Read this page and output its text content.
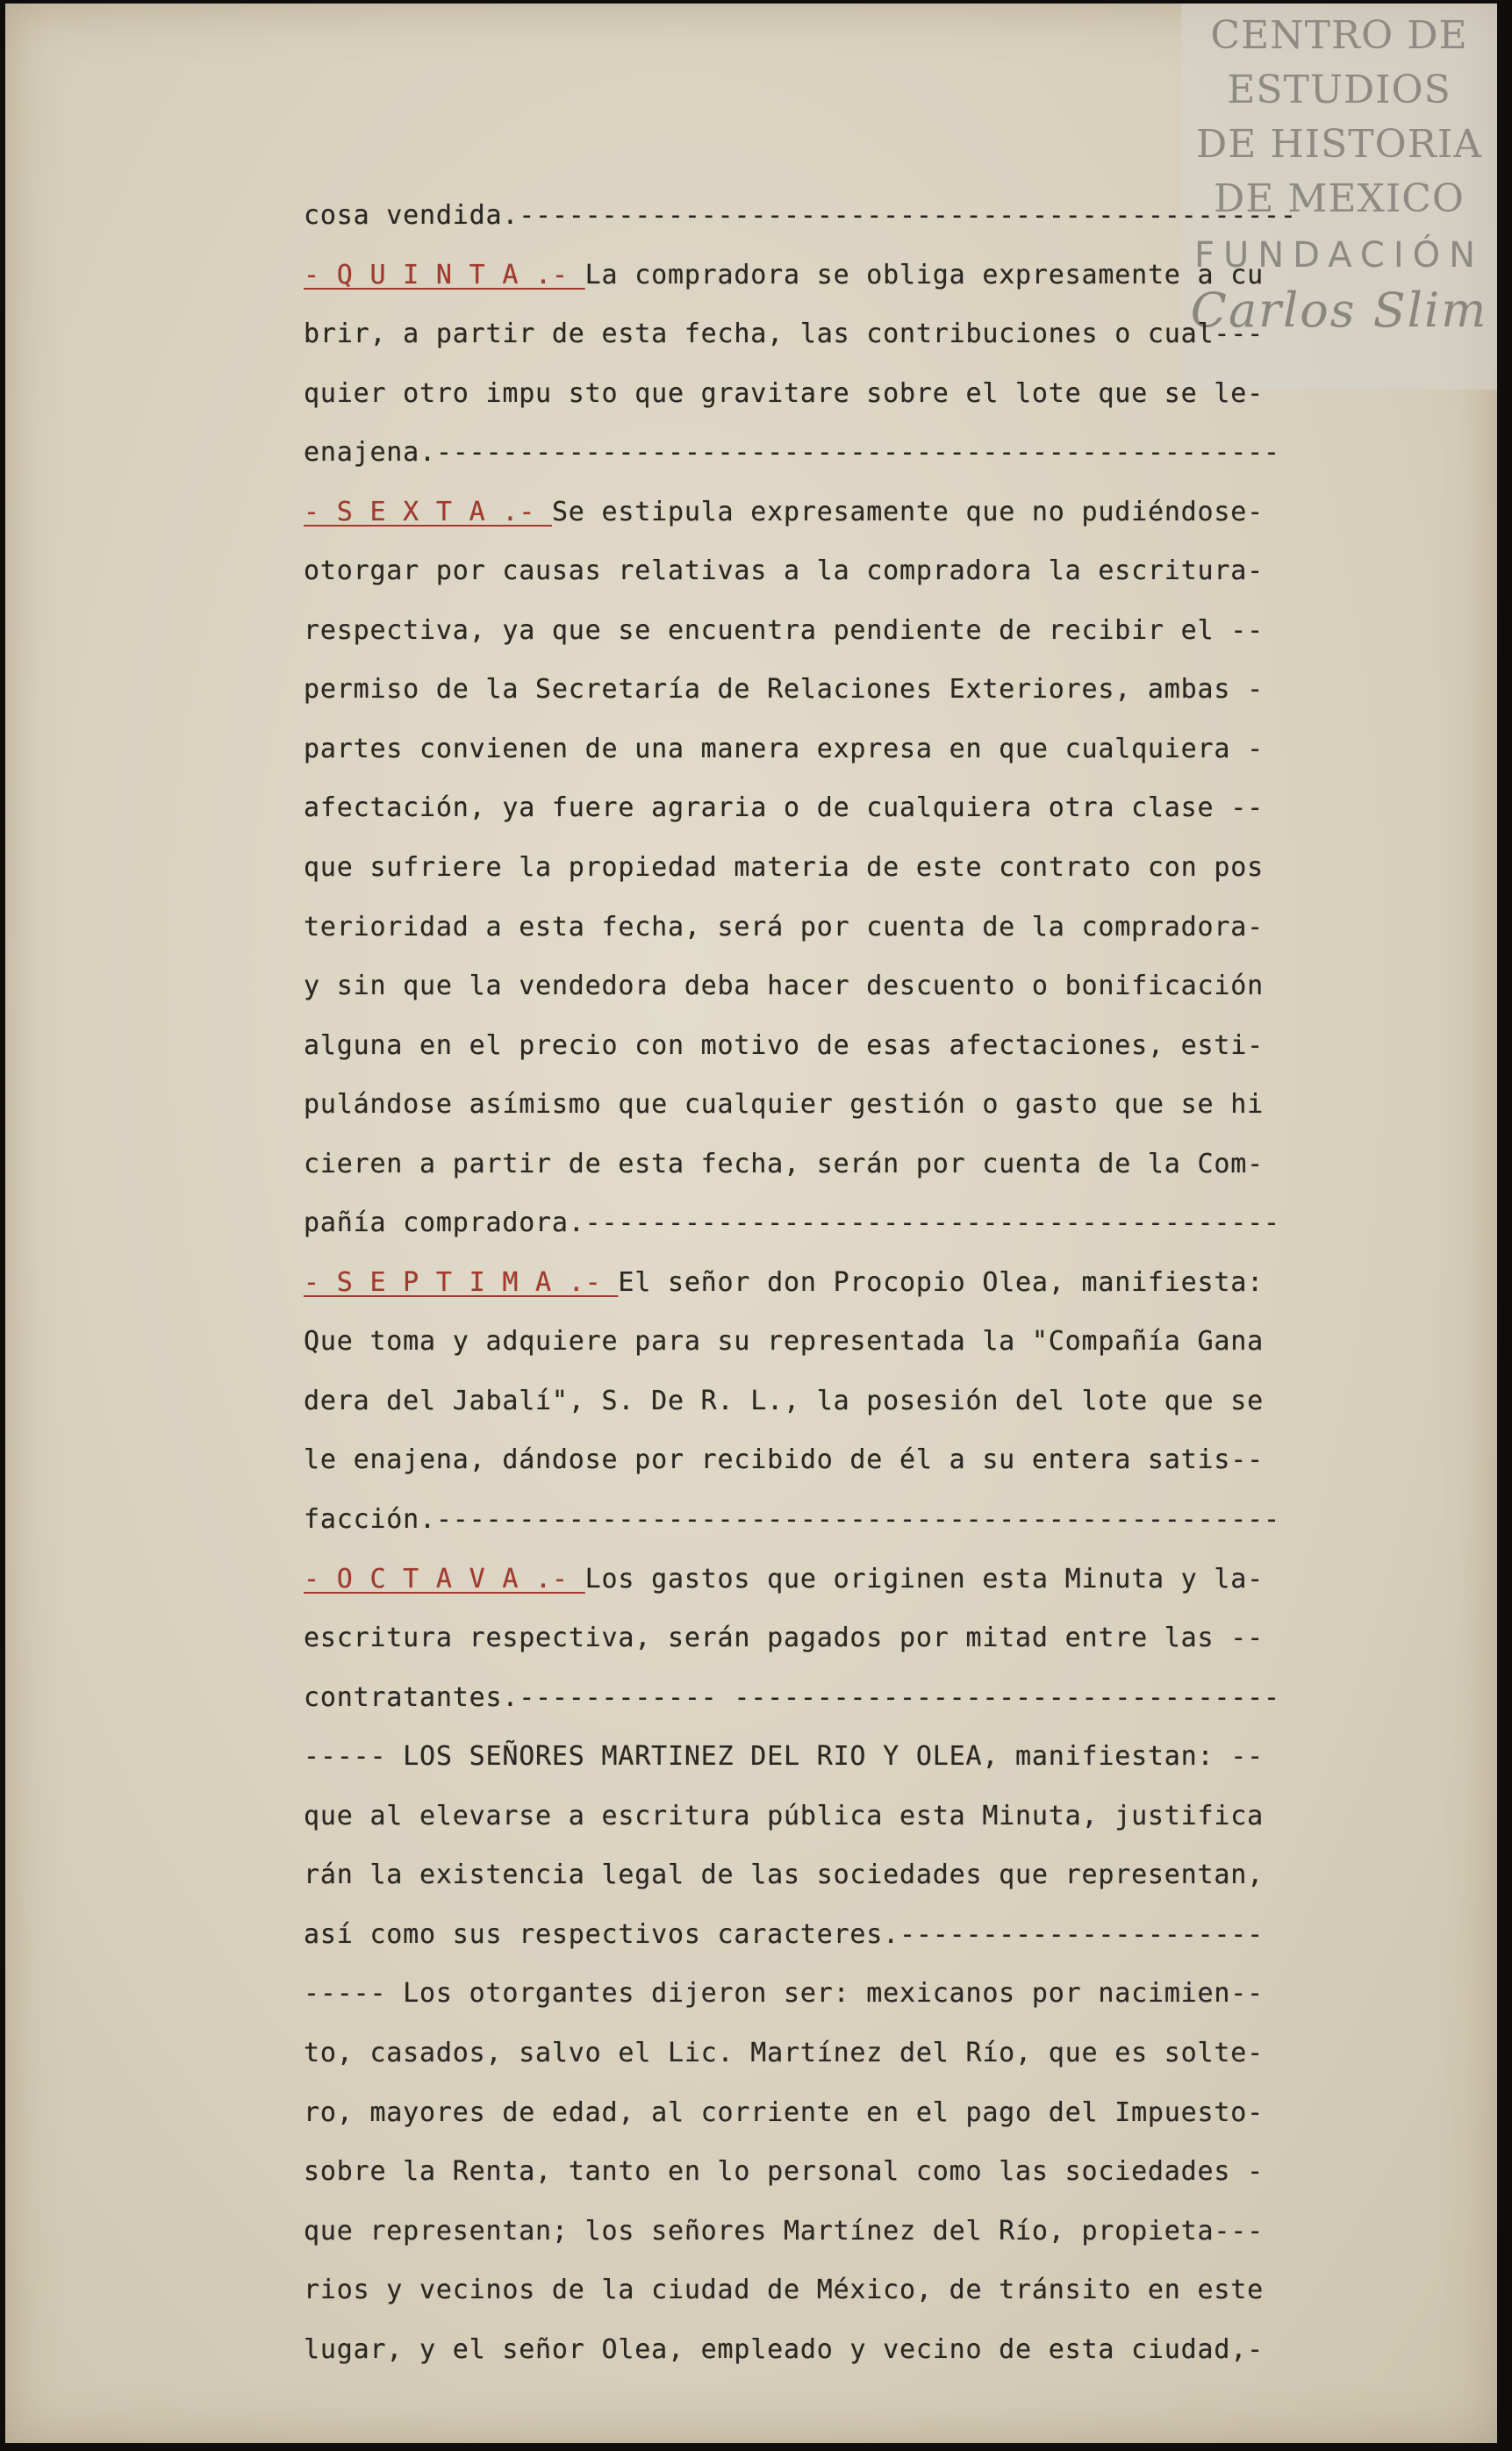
CENTRO DE
ESTUDIOS
DE HISTORIA
DE MEXICO
FUNDACIÓN
Carlos Slim
cosa vendida.-----------------------------------------------
- Q U I N T A .- La compradora se obliga expresamente a cu
brir, a partir de esta fecha, las contribuciones o cual---
quier otro impu sto que gravitare sobre el lote que se le-
enajena.---------------------------------------------------
- S E X T A .- Se estipula expresamente que no pudiéndose-
otorgar por causas relativas a la compradora la escritura-
respectiva, ya que se encuentra pendiente de recibir el --
permiso de la Secretaría de Relaciones Exteriores, ambas -
partes convienen de una manera expresa en que cualquiera -
afectación, ya fuere agraria o de cualquiera otra clase --
que sufriere la propiedad materia de este contrato con pos
terioridad a esta fecha, será por cuenta de la compradora-
y sin que la vendedora deba hacer descuento o bonificación
alguna en el precio con motivo de esas afectaciones, esti-
pulándose asímismo que cualquier gestión o gasto que se hi
cieren a partir de esta fecha, serán por cuenta de la Com-
pañía compradora.------------------------------------------
- S E P T I M A .- El señor don Procopio Olea, manifiesta:
Que toma y adquiere para su representada la "Compañía Gana
dera del Jabalí", S. De R. L., la posesión del lote que se
le enajena, dándose por recibido de él a su entera satis--
facción.---------------------------------------------------
- O C T A V A .- Los gastos que originen esta Minuta y la-
escritura respectiva, serán pagados por mitad entre las --
contratantes.------------ ---------------------------------
----- LOS SEÑORES MARTINEZ DEL RIO Y OLEA, manifiestan: --
que al elevarse a escritura pública esta Minuta, justifica
rán la existencia legal de las sociedades que representan,
así como sus respectivos caracteres.----------------------
----- Los otorgantes dijeron ser: mexicanos por nacimien--
to, casados, salvo el Lic. Martínez del Río, que es solte-
ro, mayores de edad, al corriente en el pago del Impuesto-
sobre la Renta, tanto en lo personal como las sociedades -
que representan; los señores Martínez del Río, propieta---
rios y vecinos de la ciudad de México, de tránsito en este
lugar, y el señor Olea, empleado y vecino de esta ciudad,-
